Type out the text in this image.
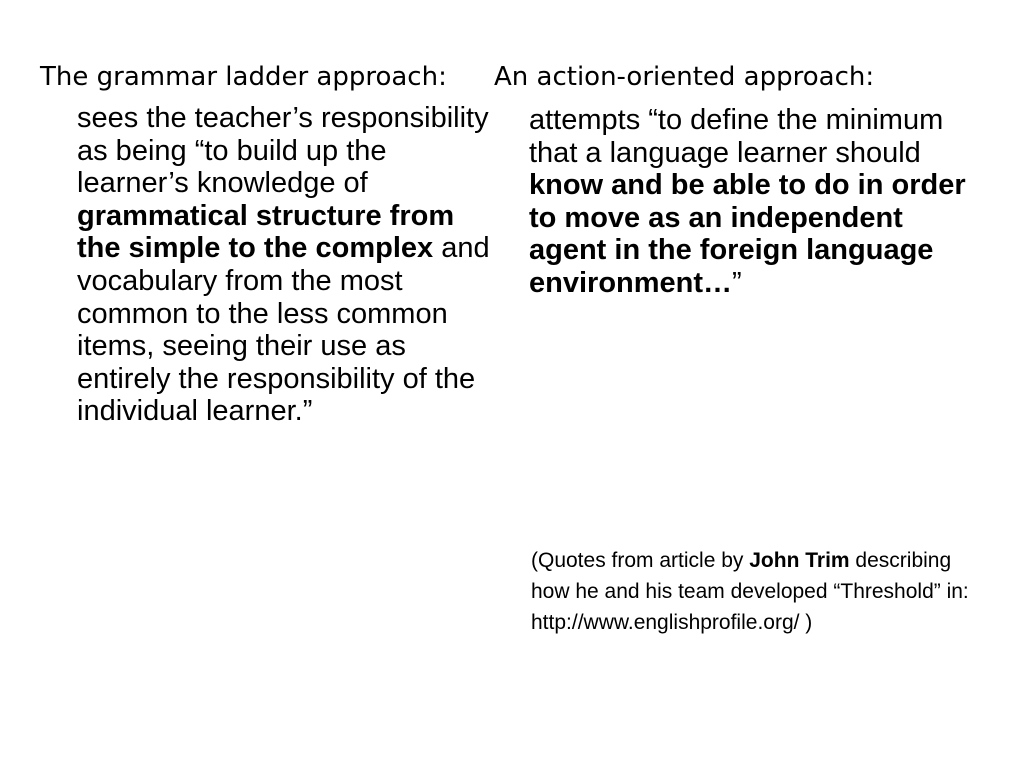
The grammar ladder approach:

sees the teacher’s responsibility as being “to build up the learner’s knowledge of grammatical structure from the simple to the complex and vocabulary from the most common to the less common items, seeing their use as entirely the responsibility of the individual learner.”

An action-oriented approach:

attempts “to define the minimum that a language learner should know and be able to do in order to move as an independent agent in the foreign language environment…”

(Quotes from article by John Trim describing how he and his team developed “Threshold” in: http://www.englishprofile.org/ )
